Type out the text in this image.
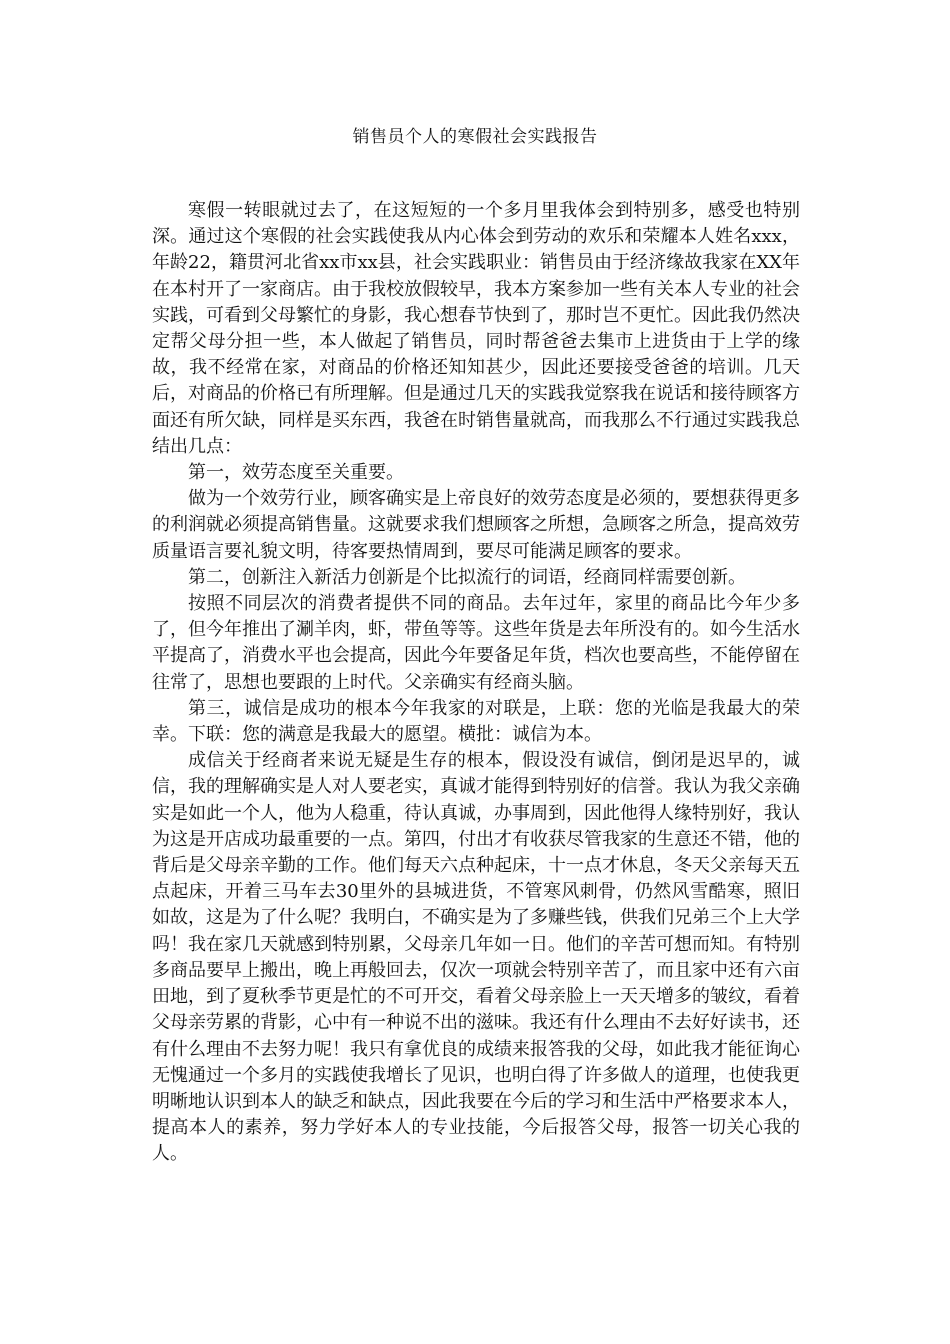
销售员个人的寒假社会实践报告

寒假一转眼就过去了，在这短短的一个多月里我体会到特别多，感受也特别深。通过这个寒假的社会实践使我从内心体会到劳动的欢乐和荣耀本人姓名xxx，年龄22，籍贯河北省xx市xx县，社会实践职业：销售员由于经济缘故我家在XX年在本村开了一家商店。由于我校放假较早，我本方案参加一些有关本人专业的社会实践，可看到父母繁忙的身影，我心想春节快到了，那时岂不更忙。因此我仍然决定帮父母分担一些，本人做起了销售员，同时帮爸爸去集市上进货由于上学的缘故，我不经常在家，对商品的价格还知知甚少，因此还要接受爸爸的培训。几天后，对商品的价格已有所理解。但是通过几天的实践我觉察我在说话和接待顾客方面还有所欠缺，同样是买东西，我爸在时销售量就高，而我那么不行通过实践我总结出几点：

第一，效劳态度至关重要。

做为一个效劳行业，顾客确实是上帝良好的效劳态度是必须的，要想获得更多的利润就必须提高销售量。这就要求我们想顾客之所想，急顾客之所急，提高效劳质量语言要礼貌文明，待客要热情周到，要尽可能满足顾客的要求。

第二，创新注入新活力创新是个比拟流行的词语，经商同样需要创新。

按照不同层次的消费者提供不同的商品。去年过年，家里的商品比今年少多了，但今年推出了涮羊肉，虾，带鱼等等。这些年货是去年所没有的。如今生活水平提高了，消费水平也会提高，因此今年要备足年货，档次也要高些，不能停留在往常了，思想也要跟的上时代。父亲确实有经商头脑。

第三，诚信是成功的根本今年我家的对联是，上联：您的光临是我最大的荣幸。下联：您的满意是我最大的愿望。横批：诚信为本。

成信关于经商者来说无疑是生存的根本，假设没有诚信，倒闭是迟早的，诚信，我的理解确实是人对人要老实，真诚才能得到特别好的信誉。我认为我父亲确实是如此一个人，他为人稳重，待认真诚，办事周到，因此他得人缘特别好，我认为这是开店成功最重要的一点。第四，付出才有收获尽管我家的生意还不错，他的背后是父母亲辛勤的工作。他们每天六点种起床，十一点才休息，冬天父亲每天五点起床，开着三马车去30里外的县城进货，不管寒风刺骨，仍然风雪酷寒，照旧如故，这是为了什么呢？我明白，不确实是为了多赚些钱，供我们兄弟三个上大学吗！我在家几天就感到特别累，父母亲几年如一日。他们的辛苦可想而知。有特别多商品要早上搬出，晚上再般回去，仅次一项就会特别辛苦了，而且家中还有六亩田地，到了夏秋季节更是忙的不可开交，看着父母亲脸上一天天增多的皱纹，看着父母亲劳累的背影，心中有一种说不出的滋味。我还有什么理由不去好好读书，还有什么理由不去努力呢！我只有拿优良的成绩来报答我的父母，如此我才能征询心无愧通过一个多月的实践使我增长了见识，也明白得了许多做人的道理，也使我更明晰地认识到本人的缺乏和缺点，因此我要在今后的学习和生活中严格要求本人，提高本人的素养，努力学好本人的专业技能，今后报答父母，报答一切关心我的人。
